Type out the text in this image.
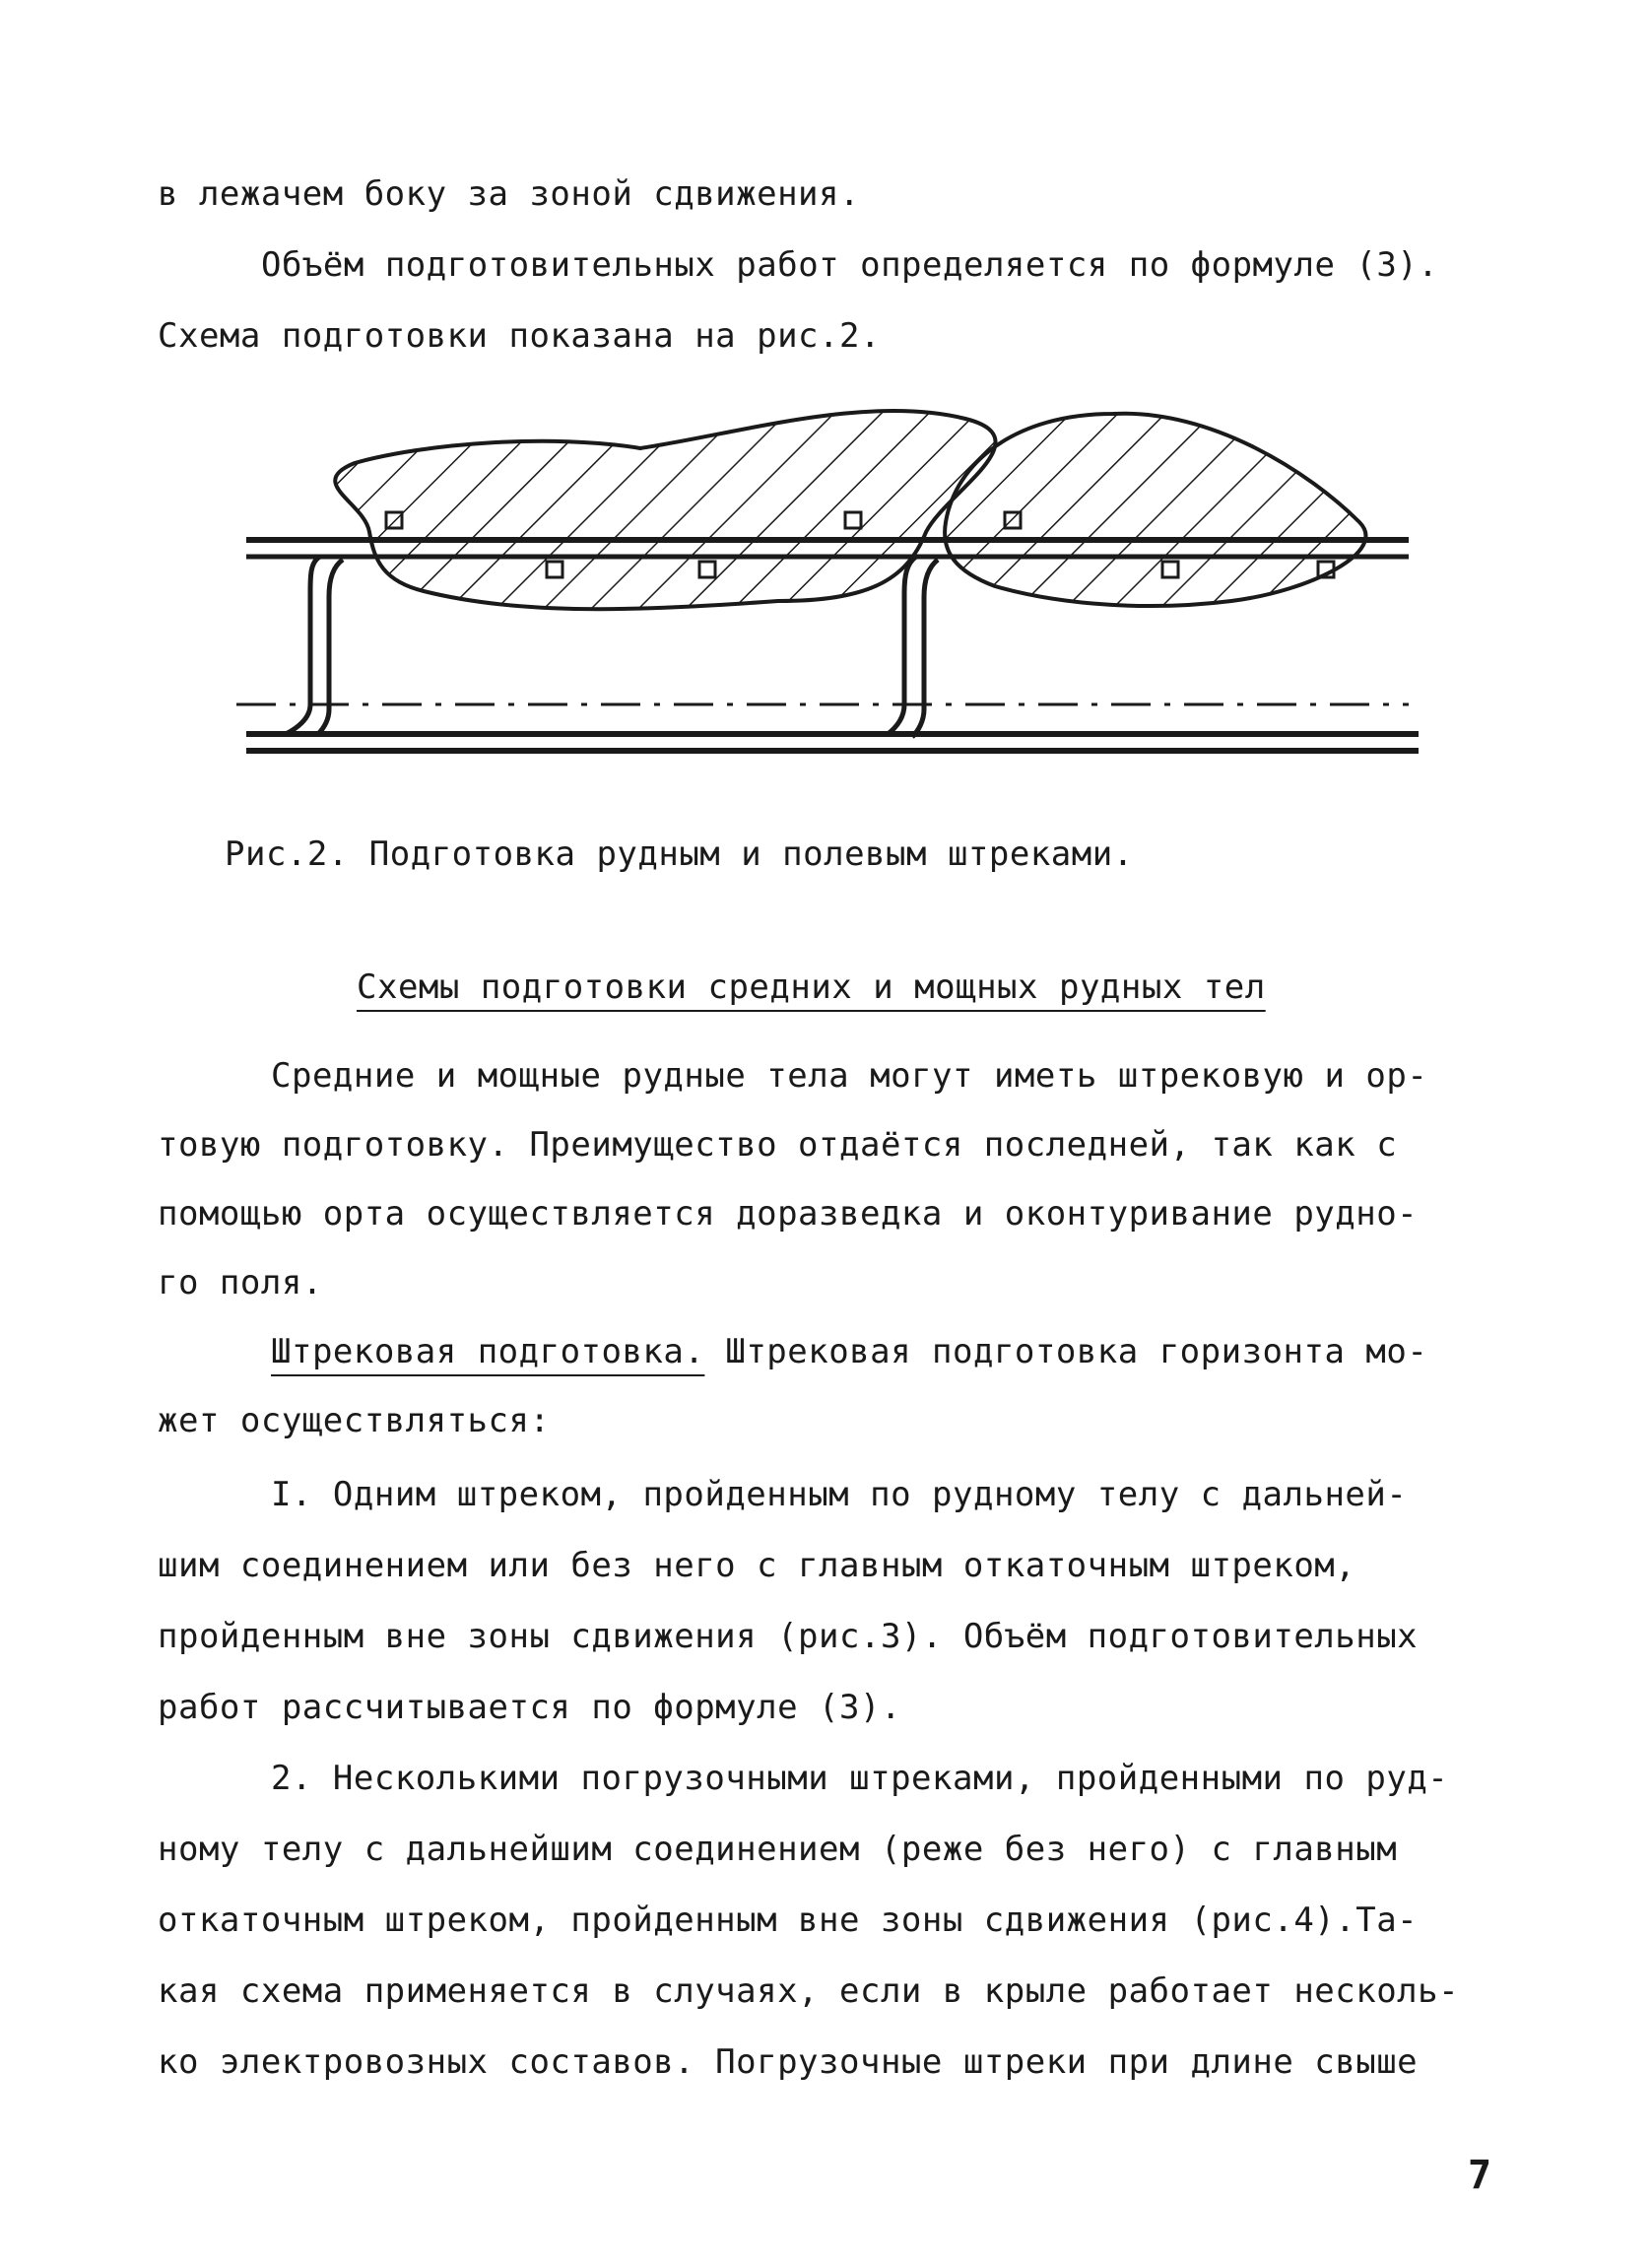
в лежачем боку за зоной сдвижения.
Объём подготовительных работ определяется по формуле (3).
Схема подготовки показана на рис.2.
Рис.2. Подготовка рудным и полевым штреками.
Схемы подготовки средних и мощных рудных тел
Средние и мощные рудные тела могут иметь штрековую и ор-
товую подготовку. Преимущество отдаётся последней, так как с
помощью орта осуществляется доразведка и оконтуривание рудно-
го поля.
Штрековая подготовка. Штрековая подготовка горизонта мо-
жет осуществляться:
I. Одним штреком, пройденным по рудному телу с дальней-
шим соединением или без него с главным откаточным штреком,
пройденным вне зоны сдвижения (рис.3). Объём подготовительных
работ рассчитывается по формуле (3).
2. Несколькими погрузочными штреками, пройденными по руд-
ному телу с дальнейшим соединением (реже без него) с главным
откаточным штреком, пройденным вне зоны сдвижения (рис.4).Та-
кая схема применяется в случаях, если в крыле работает несколь-
ко электровозных составов. Погрузочные штреки при длине свыше
7
